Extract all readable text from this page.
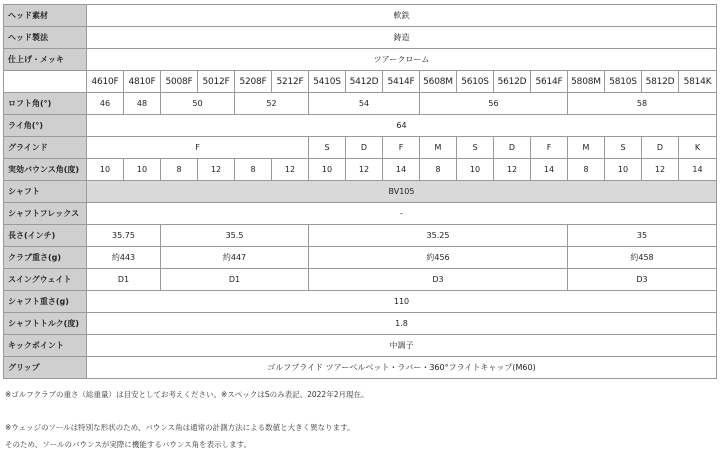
ヘッド素材	軟鉄																
ヘッド製法	鋳造																
仕上げ・メッキ	ツアークローム																
	4610F	4810F	5008F	5012F	5208F	5212F	5410S	5412D	5414F	5608M	5610S	5612D	5614F	5808M	5810S	5812D	5814K
ロフト角(°)	46	48	50		52		54			56				58			
ライ角(°)	64																
グラインド	F						S	D	F	M	S	D	F	M	S	D	K
実効バウンス角(度)	10	10	8	12	8	12	10	12	14	8	10	12	14	8	10	12	14
シャフト	BV105																
シャフトフレックス	-																
長さ(インチ)	35.75		35.5				35.25							35			
クラブ重さ(g)	約443		約447				約456							約458			
スイングウェイト	D1		D1				D3							D3			
シャフト重さ(g)	110																
シャフトトルク(度)	1.8																
キックポイント	中調子																
グリップ	ゴルフプライド ツアーベルベット・ラバー・360°フライトキャップ(M60)																
※ゴルフクラブの重さ（総重量）は目安としてお考えください。※スペックはSのみ表記、2022年2月現在。
※ウェッジのソールは特別な形状のため、バウンス角は通常の計測方法による数値と大きく異なります。
そのため、ソールのバウンスが実際に機能するバウンス角を表示します。
